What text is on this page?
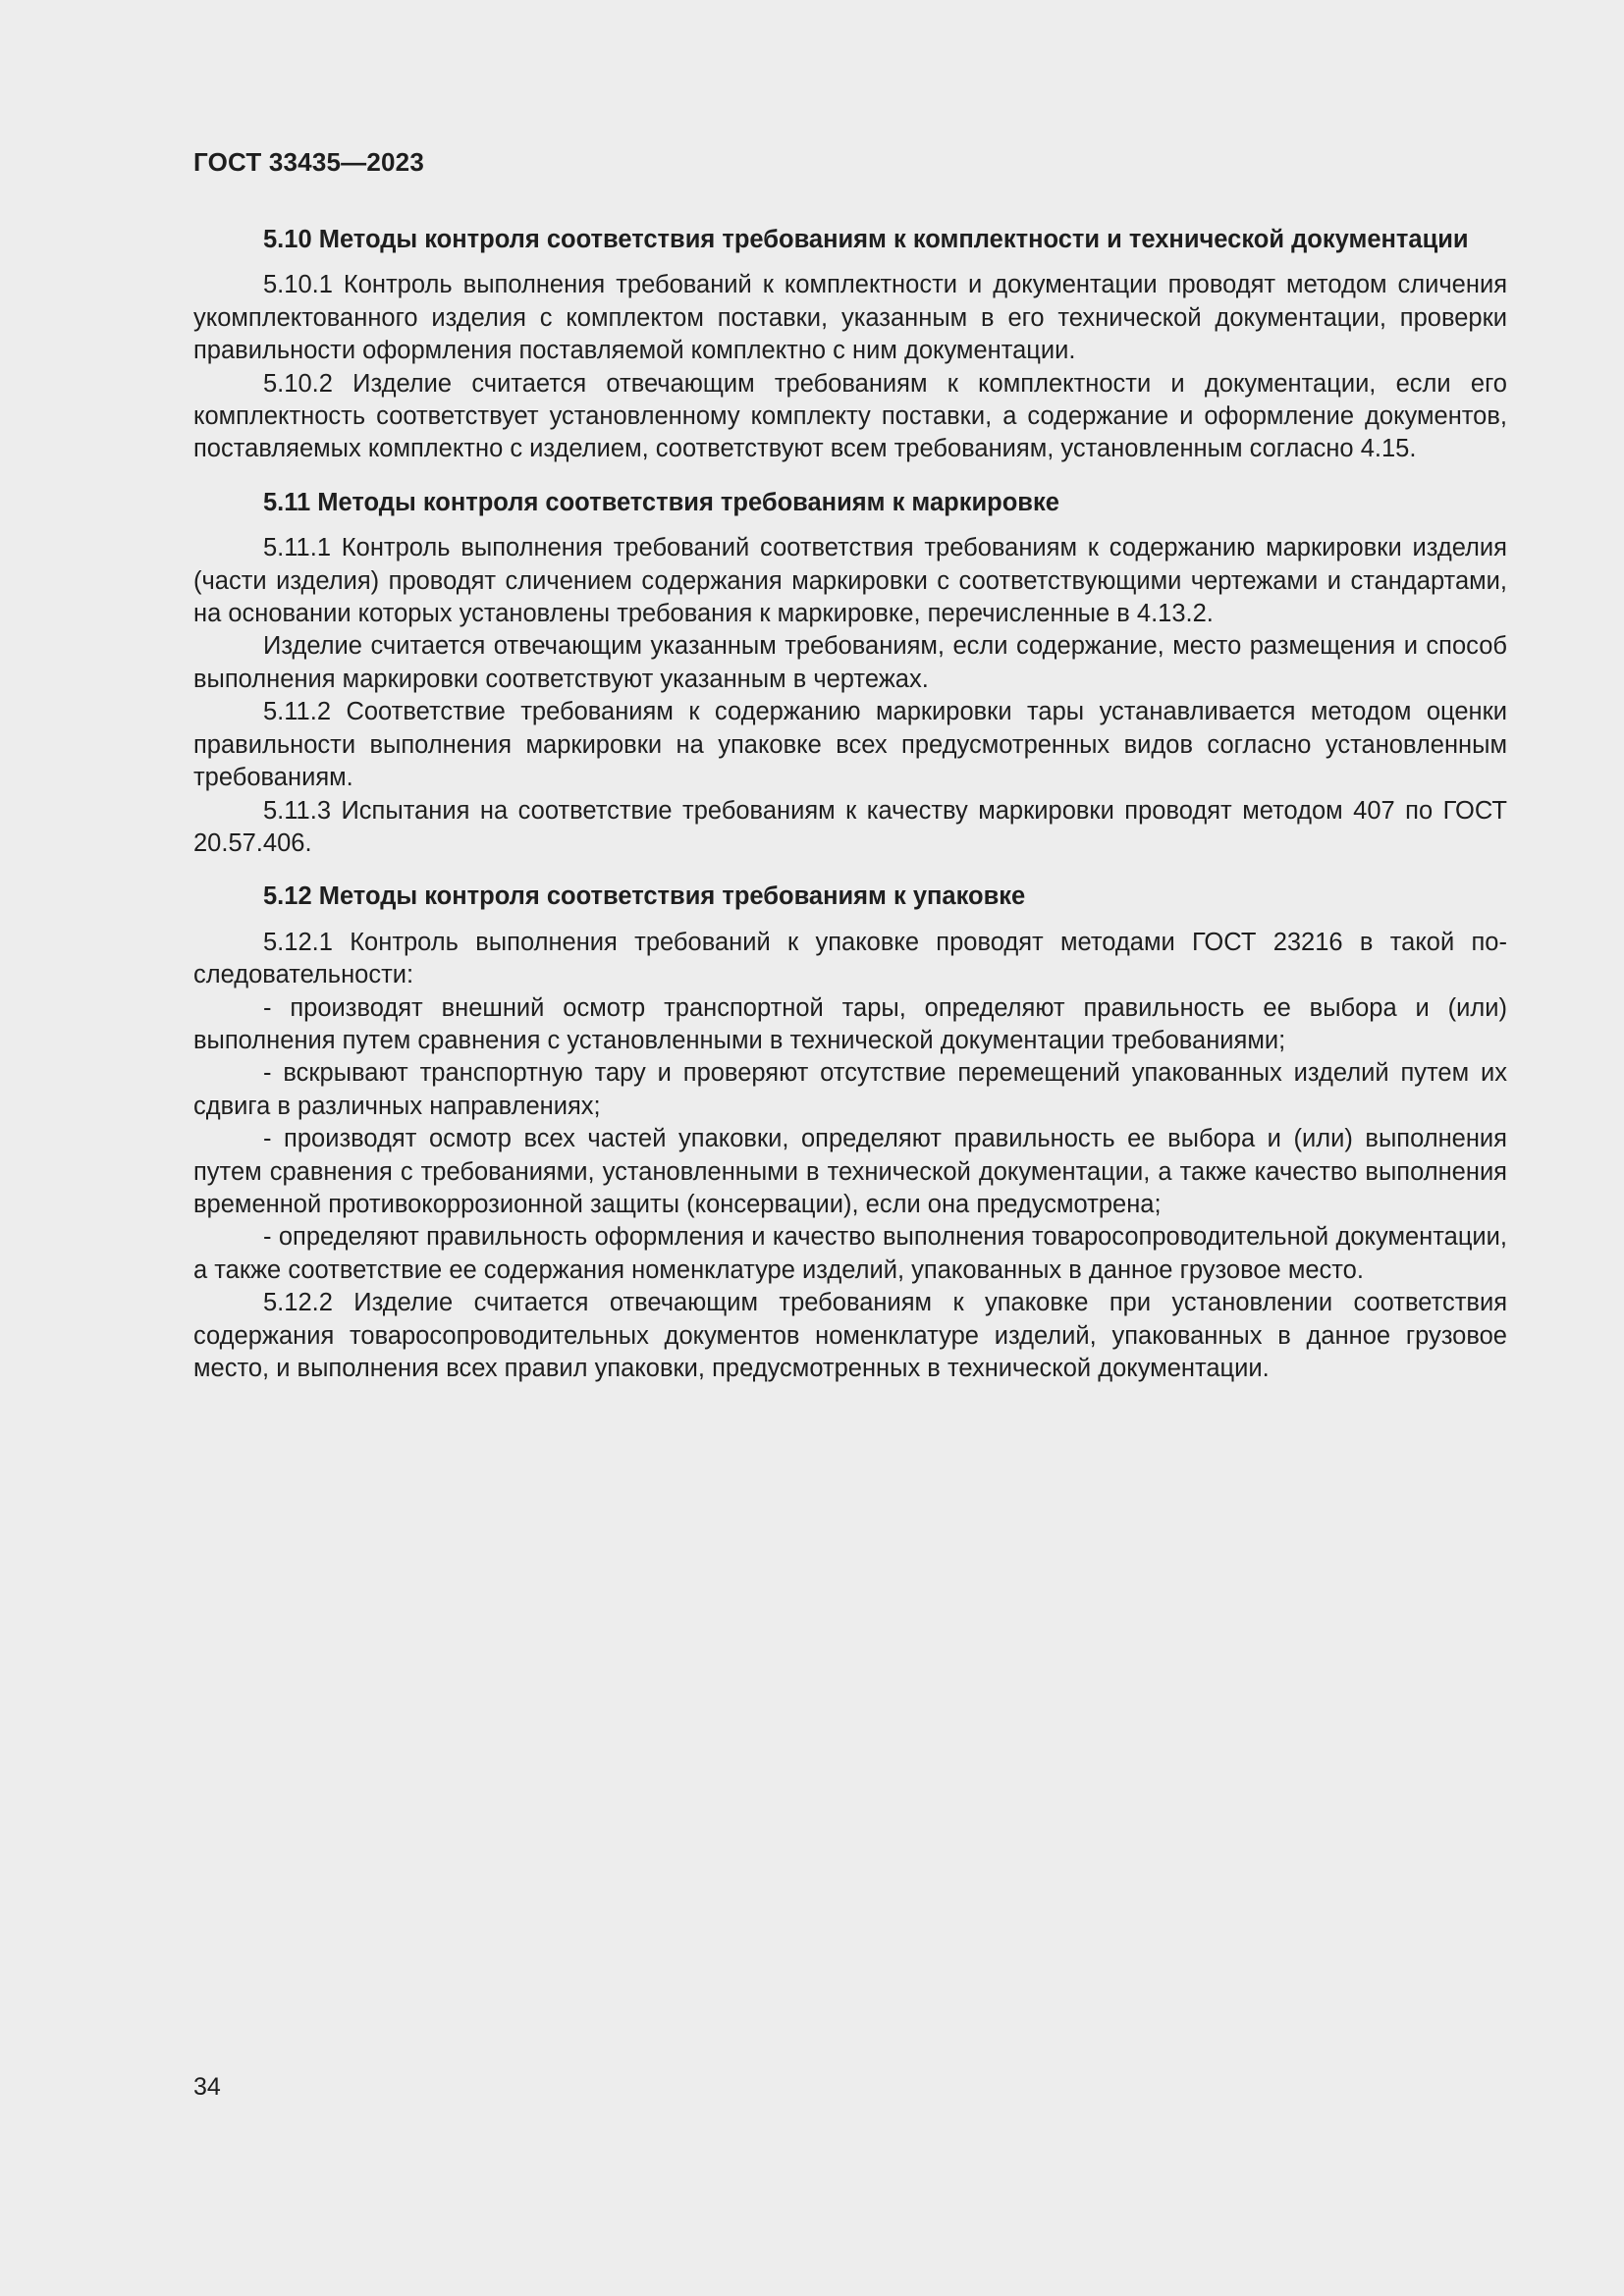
ГОСТ 33435—2023
5.10 Методы контроля соответствия требованиям к комплектности и технической документации

5.10.1 Контроль выполнения требований к комплектности и документации проводят методом сличения укомплектованного изделия с комплектом поставки, указанным в его технической документации, проверки правильности оформления поставляемой комплектно с ним документации.

5.10.2 Изделие считается отвечающим требованиям к комплектности и документации, если его комплектность соответствует установленному комплекту поставки, а содержание и оформление документов, поставляемых комплектно с изделием, соответствуют всем требованиям, установленным согласно 4.15.

5.11 Методы контроля соответствия требованиям к маркировке

5.11.1 Контроль выполнения требований соответствия требованиям к содержанию маркировки изделия (части изделия) проводят сличением содержания маркировки с соответствующими чертежами и стандартами, на основании которых установлены требования к маркировке, перечисленные в 4.13.2.

Изделие считается отвечающим указанным требованиям, если содержание, место размещения и способ выполнения маркировки соответствуют указанным в чертежах.

5.11.2 Соответствие требованиям к содержанию маркировки тары устанавливается методом оценки правильности выполнения маркировки на упаковке всех предусмотренных видов согласно установленным требованиям.

5.11.3 Испытания на соответствие требованиям к качеству маркировки проводят методом 407 по ГОСТ 20.57.406.

5.12 Методы контроля соответствия требованиям к упаковке

5.12.1 Контроль выполнения требований к упаковке проводят методами ГОСТ 23216 в такой последовательности:

- производят внешний осмотр транспортной тары, определяют правильность ее выбора и (или) выполнения путем сравнения с установленными в технической документации требованиями;

- вскрывают транспортную тару и проверяют отсутствие перемещений упакованных изделий путем их сдвига в различных направлениях;

- производят осмотр всех частей упаковки, определяют правильность ее выбора и (или) выполнения путем сравнения с требованиями, установленными в технической документации, а также качество выполнения временной противокоррозионной защиты (консервации), если она предусмотрена;

- определяют правильность оформления и качество выполнения товаросопроводительной документации, а также соответствие ее содержания номенклатуре изделий, упакованных в данное грузовое место.

5.12.2 Изделие считается отвечающим требованиям к упаковке при установлении соответствия содержания товаросопроводительных документов номенклатуре изделий, упакованных в данное грузовое место, и выполнения всех правил упаковки, предусмотренных в технической документации.

34
